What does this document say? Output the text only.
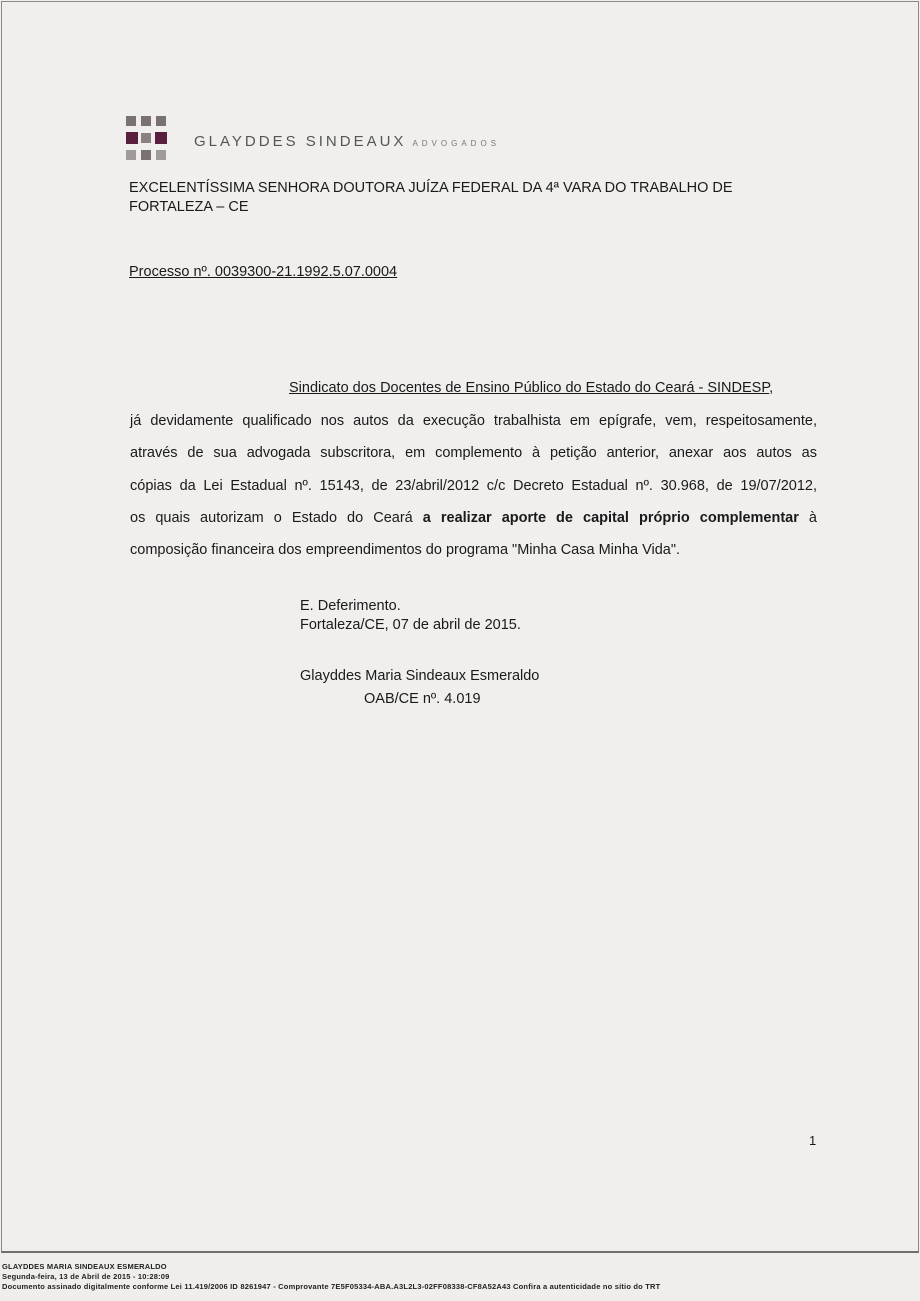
GLAYDDES SINDEAUX ADVOGADOS
EXCELENTÍSSIMA SENHORA DOUTORA JUÍZA FEDERAL DA 4ª VARA DO TRABALHO DE
FORTALEZA – CE
Processo nº. 0039300-21.1992.5.07.0004
Sindicato dos Docentes de Ensino Público do Estado do Ceará - SINDESP,
já devidamente qualificado nos autos da execução trabalhista em epígrafe, vem, respeitosamente,
através de sua advogada subscritora, em complemento à petição anterior, anexar aos autos as
cópias da Lei Estadual nº. 15143, de 23/abril/2012 c/c Decreto Estadual nº. 30.968, de 19/07/2012,
os quais autorizam o Estado do Ceará a realizar aporte de capital próprio complementar à
composição financeira dos empreendimentos do programa "Minha Casa Minha Vida".
E. Deferimento.
Fortaleza/CE, 07 de abril de 2015.
Glayddes Maria Sindeaux Esmeraldo
OAB/CE nº. 4.019
1
GLAYDDES MARIA SINDEAUX ESMERALDO
Segunda-feira, 13 de Abril de 2015 - 10:28:09
Documento assinado digitalmente conforme Lei 11.419/2006 ID 8261947 - Comprovante 7E5F05334-ABA.A3L2L3-02FF08338-CF8A52A43 Confira a autenticidade no sítio do TRT
